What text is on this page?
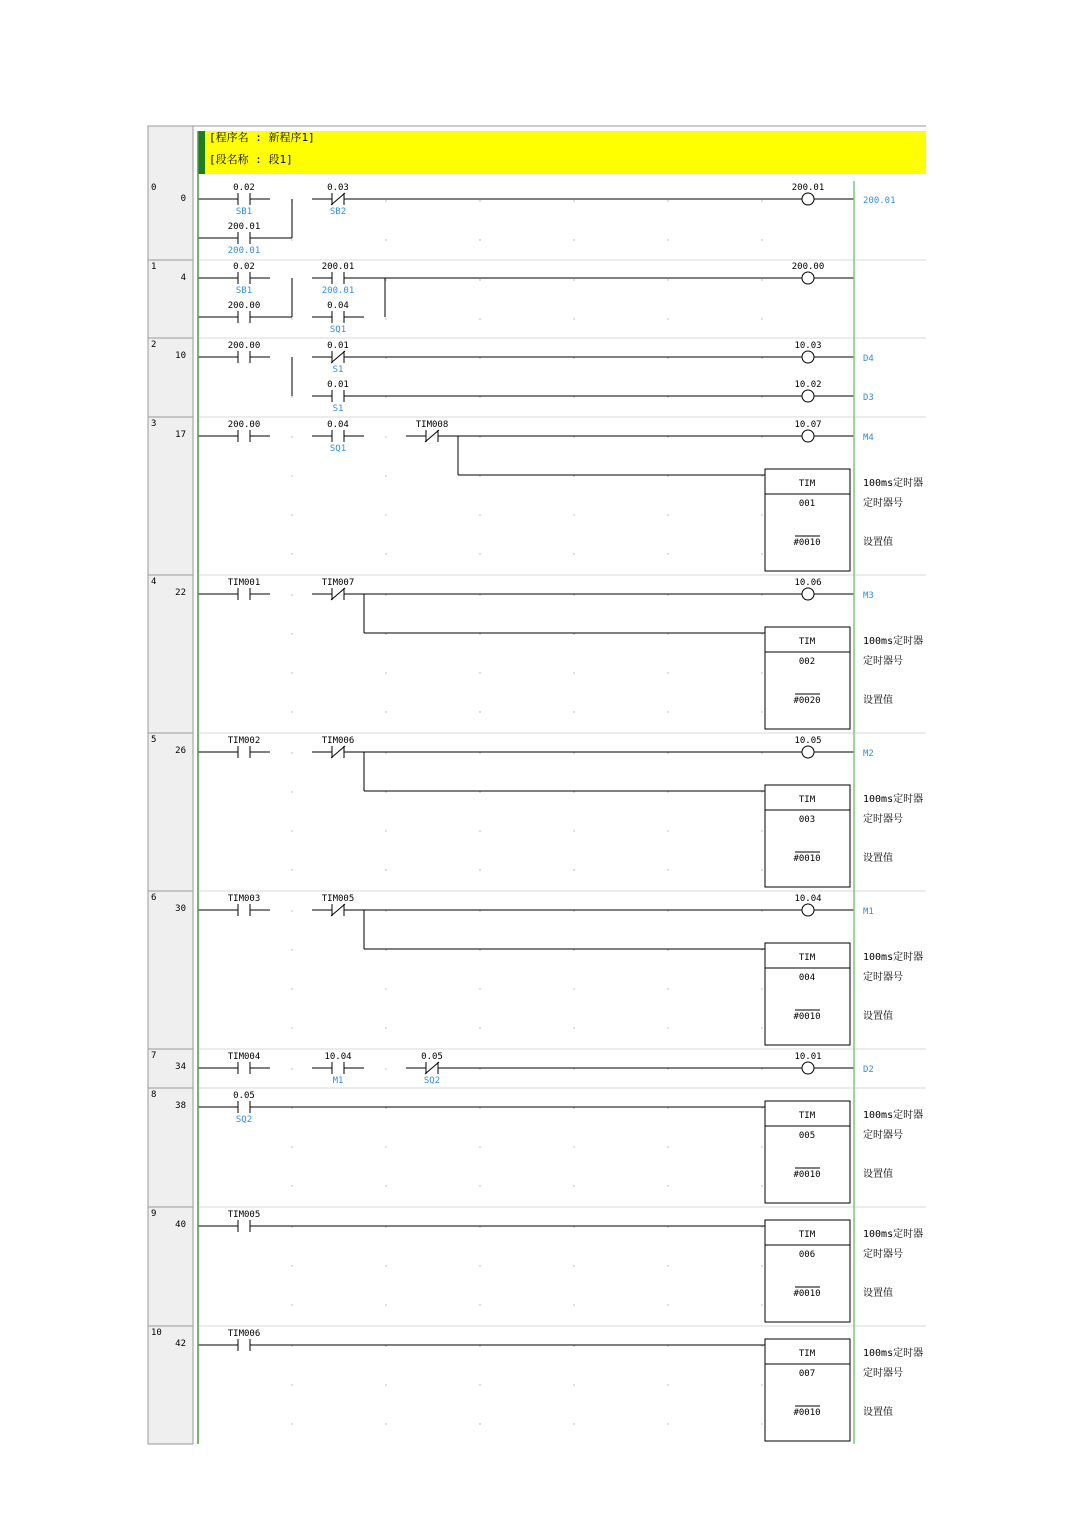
[程序名 : 新程序1]
[段名称 : 段1]
0
0
0.02
SB1
0.03
SB2
200.01
200.01
200.01
200.01
1
4
0.02
SB1
200.01
200.01
200.00	0.04
SQ1
200.00
2
10
200.00	0.01
S1
0.01
S1
10.03
D4
10.02
D3
3
17
200.00	0.04
SQ1
TIM008	10.07
M4
TIM
001
#0010
100ms定时器
定时器号
设置值
4
22
TIM001	TIM007	10.06
M3
TIM
002
#0020
100ms定时器
定时器号
设置值
5
26
TIM002	TIM006	10.05
M2
TIM
003
#0010
100ms定时器
定时器号
设置值
6
30
TIM003	TIM005	10.04
M1
TIM
004
#0010
100ms定时器
定时器号
设置值
7
34
TIM004	10.04
M1
0.05
SQ2
10.01
D2
8
38
0.05
SQ2	TIM
005
#0010
100ms定时器
定时器号
设置值
9
40
TIM005
TIM
006
#0010
100ms定时器
定时器号
设置值
10
42
TIM006
TIM
007
#0010
100ms定时器
定时器号
设置值
